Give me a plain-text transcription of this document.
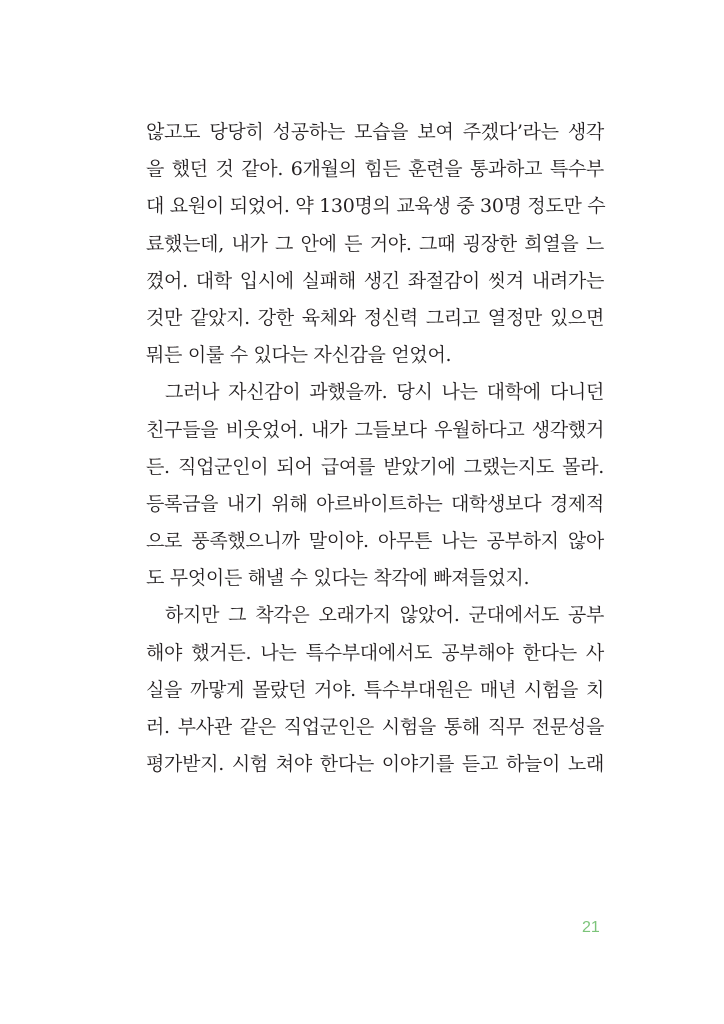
않고도 당당히 성공하는 모습을 보여 주겠다’라는 생각
을 했던 것 같아. 6개월의 힘든 훈련을 통과하고 특수부
대 요원이 되었어. 약 130명의 교육생 중 30명 정도만 수
료했는데, 내가 그 안에 든 거야. 그때 굉장한 희열을 느
꼈어. 대학 입시에 실패해 생긴 좌절감이 씻겨 내려가는
것만 같았지. 강한 육체와 정신력 그리고 열정만 있으면
뭐든 이룰 수 있다는 자신감을 얻었어.
그러나 자신감이 과했을까. 당시 나는 대학에 다니던
친구들을 비웃었어. 내가 그들보다 우월하다고 생각했거
든. 직업군인이 되어 급여를 받았기에 그랬는지도 몰라.
등록금을 내기 위해 아르바이트하는 대학생보다 경제적
으로 풍족했으니까 말이야. 아무튼 나는 공부하지 않아
도 무엇이든 해낼 수 있다는 착각에 빠져들었지.
하지만 그 착각은 오래가지 않았어. 군대에서도 공부
해야 했거든. 나는 특수부대에서도 공부해야 한다는 사
실을 까맣게 몰랐던 거야. 특수부대원은 매년 시험을 치
러. 부사관 같은 직업군인은 시험을 통해 직무 전문성을
평가받지. 시험 쳐야 한다는 이야기를 듣고 하늘이 노래
21
